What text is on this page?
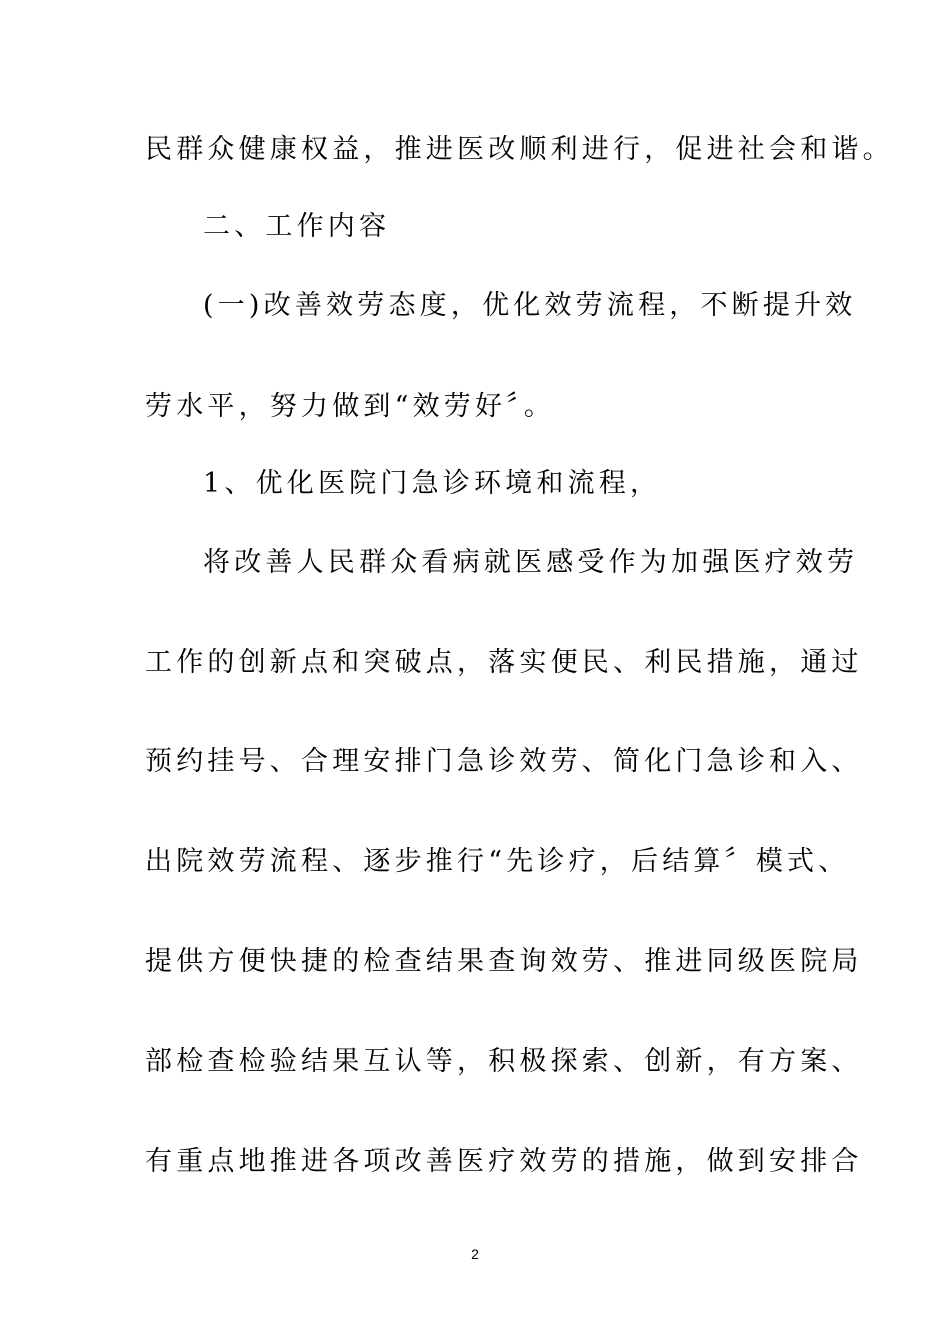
民群众健康权益，推进医改顺利进行，促进社会和谐。
二、工作内容
(一)改善效劳态度，优化效劳流程，不断提升效
劳水平，努力做到“效劳好〞。
1、优化医院门急诊环境和流程，
将改善人民群众看病就医感受作为加强医疗效劳
工作的创新点和突破点，落实便民、利民措施，通过
预约挂号、合理安排门急诊效劳、简化门急诊和入、
出院效劳流程、逐步推行“先诊疗，后结算〞模式、
提供方便快捷的检查结果查询效劳、推进同级医院局
部检查检验结果互认等，积极探索、创新，有方案、
有重点地推进各项改善医疗效劳的措施，做到安排合
2
